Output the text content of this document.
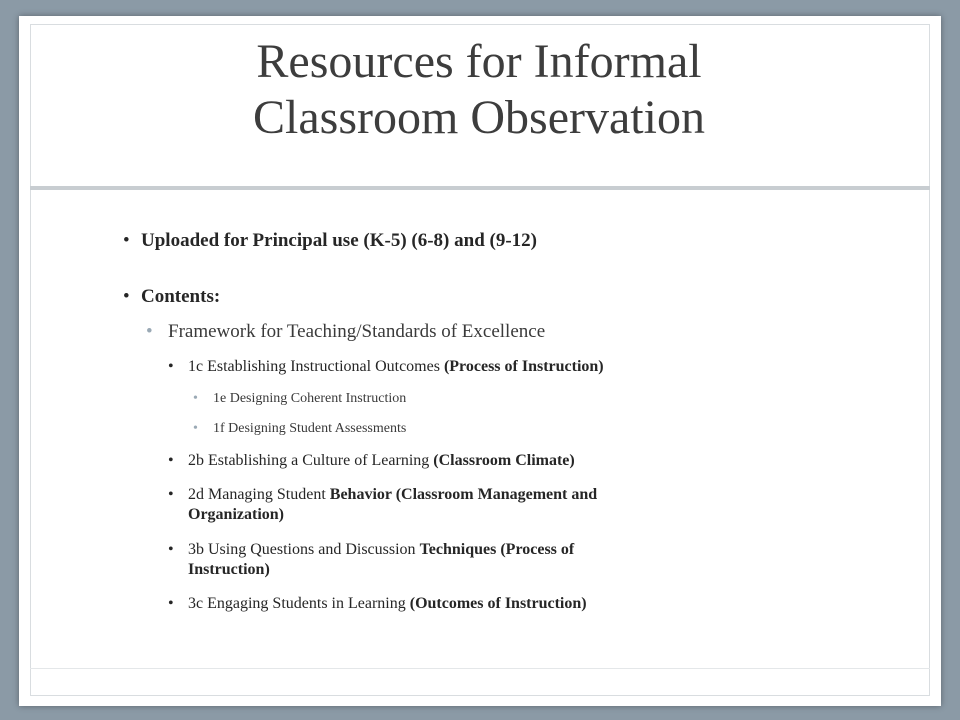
Resources for Informal
Classroom Observation

• Uploaded for Principal use (K-5) (6-8) and (9-12)

• Contents:

• Framework for Teaching/Standards of Excellence

• 1c Establishing Instructional Outcomes (Process of Instruction)

• 1e Designing Coherent Instruction

• 1f Designing Student Assessments

• 2b Establishing a Culture of Learning (Classroom Climate)

• 2d Managing Student Behavior (Classroom Management and
Organization)

• 3b Using Questions and Discussion Techniques (Process of
Instruction)

• 3c Engaging Students in Learning (Outcomes of Instruction)
